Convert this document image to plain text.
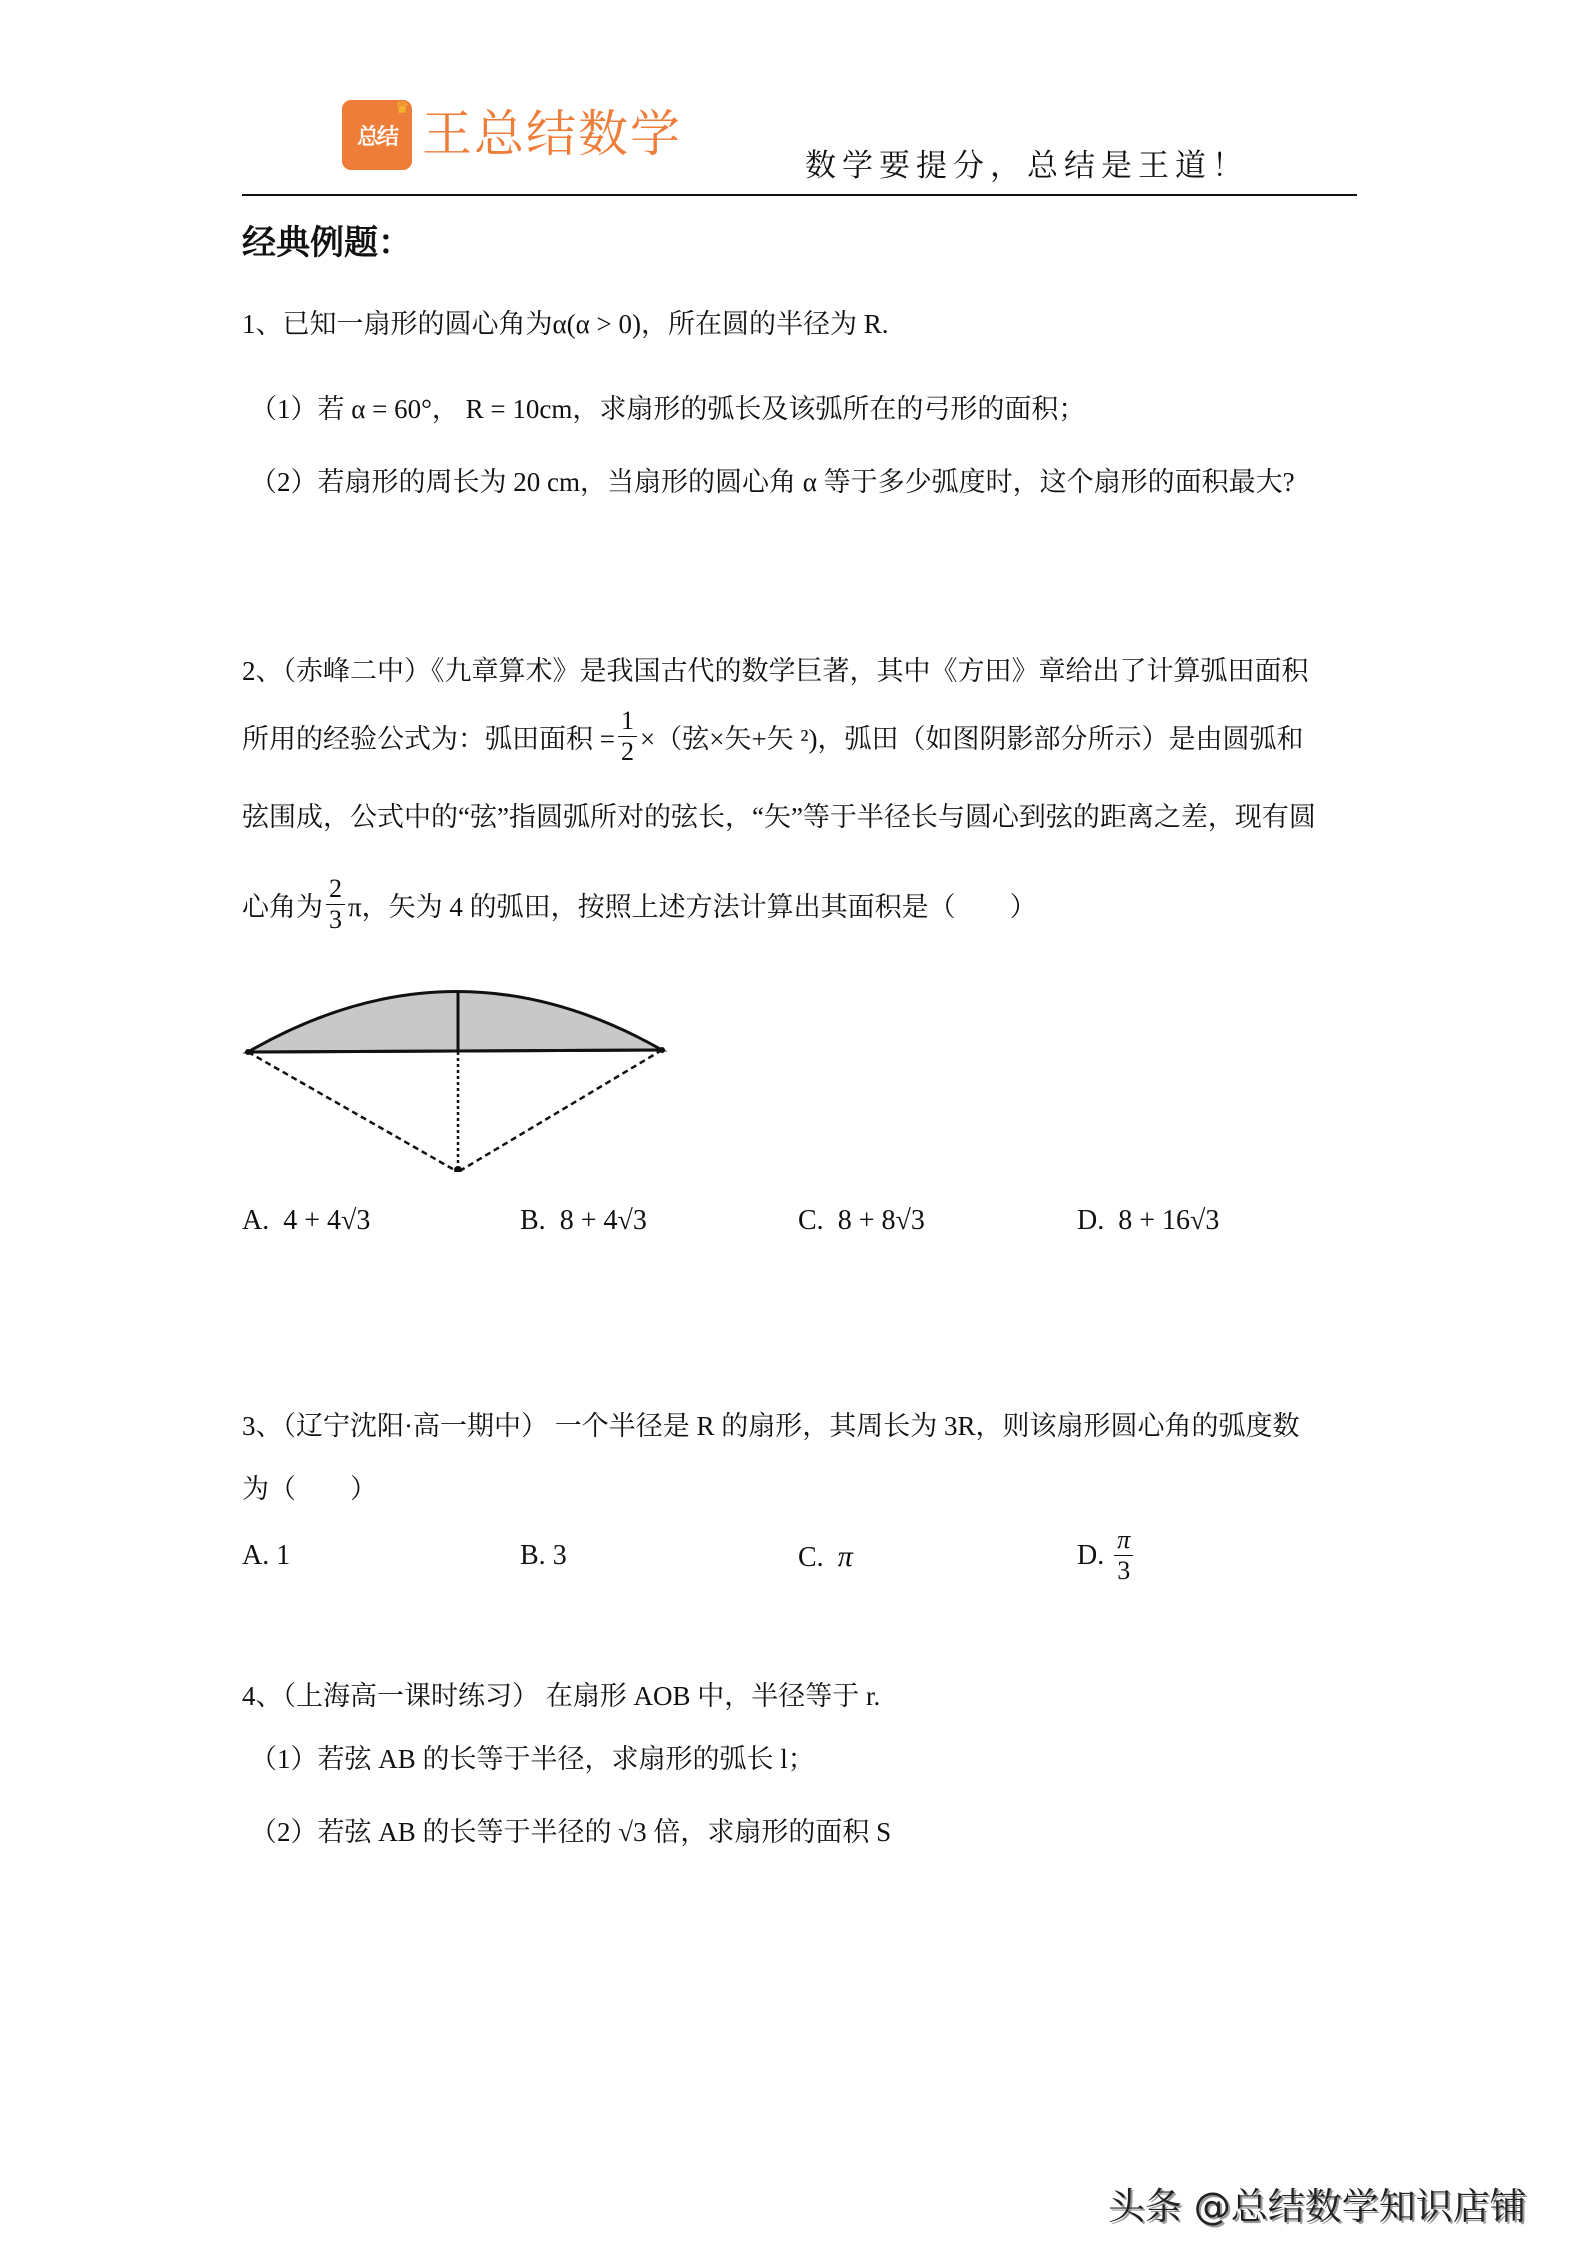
总结
♛ 王总结数学
数学要提分，总结是王道！
经典例题：
1、已知一扇形的圆心角为α(α > 0)，所在圆的半径为 R.
（1）若 α = 60°， R = 10cm，求扇形的弧长及该弧所在的弓形的面积；
（2）若扇形的周长为 20 cm，当扇形的圆心角 α 等于多少弧度时，这个扇形的面积最大?
2、（赤峰二中）《九章算术》是我国古代的数学巨著，其中《方田》章给出了计算弧田面积
所用的经验公式为：弧田面积 = $\frac{1}{2}$ ×（弦×矢+矢 ²)，弧田（如图阴影部分所示）是由圆弧和
弦围成，公式中的“弦”指圆弧所对的弦长，“矢”等于半径长与圆心到弦的距离之差，现有圆
心角为 $\frac{2}{3}$ π，矢为 4 的弧田，按照上述方法计算出其面积是（　　）
A. 4 + 4√3	B. 8 + 4√3	C. 8 + 8√3	D. 8 + 16√3
3、（辽宁沈阳·高一期中） 一个半径是 R 的扇形，其周长为 3R，则该扇形圆心角的弧度数
为（　　）
A. 1	B. 3	C. π	D.
$\frac{\pi}{3}$
4、（上海高一课时练习） 在扇形 AOB 中，半径等于 r.
（1）若弦 AB 的长等于半径，求扇形的弧长 l；
（2）若弦 AB 的长等于半径的 √3 倍，求扇形的面积 S
头条 @总结数学知识店铺
